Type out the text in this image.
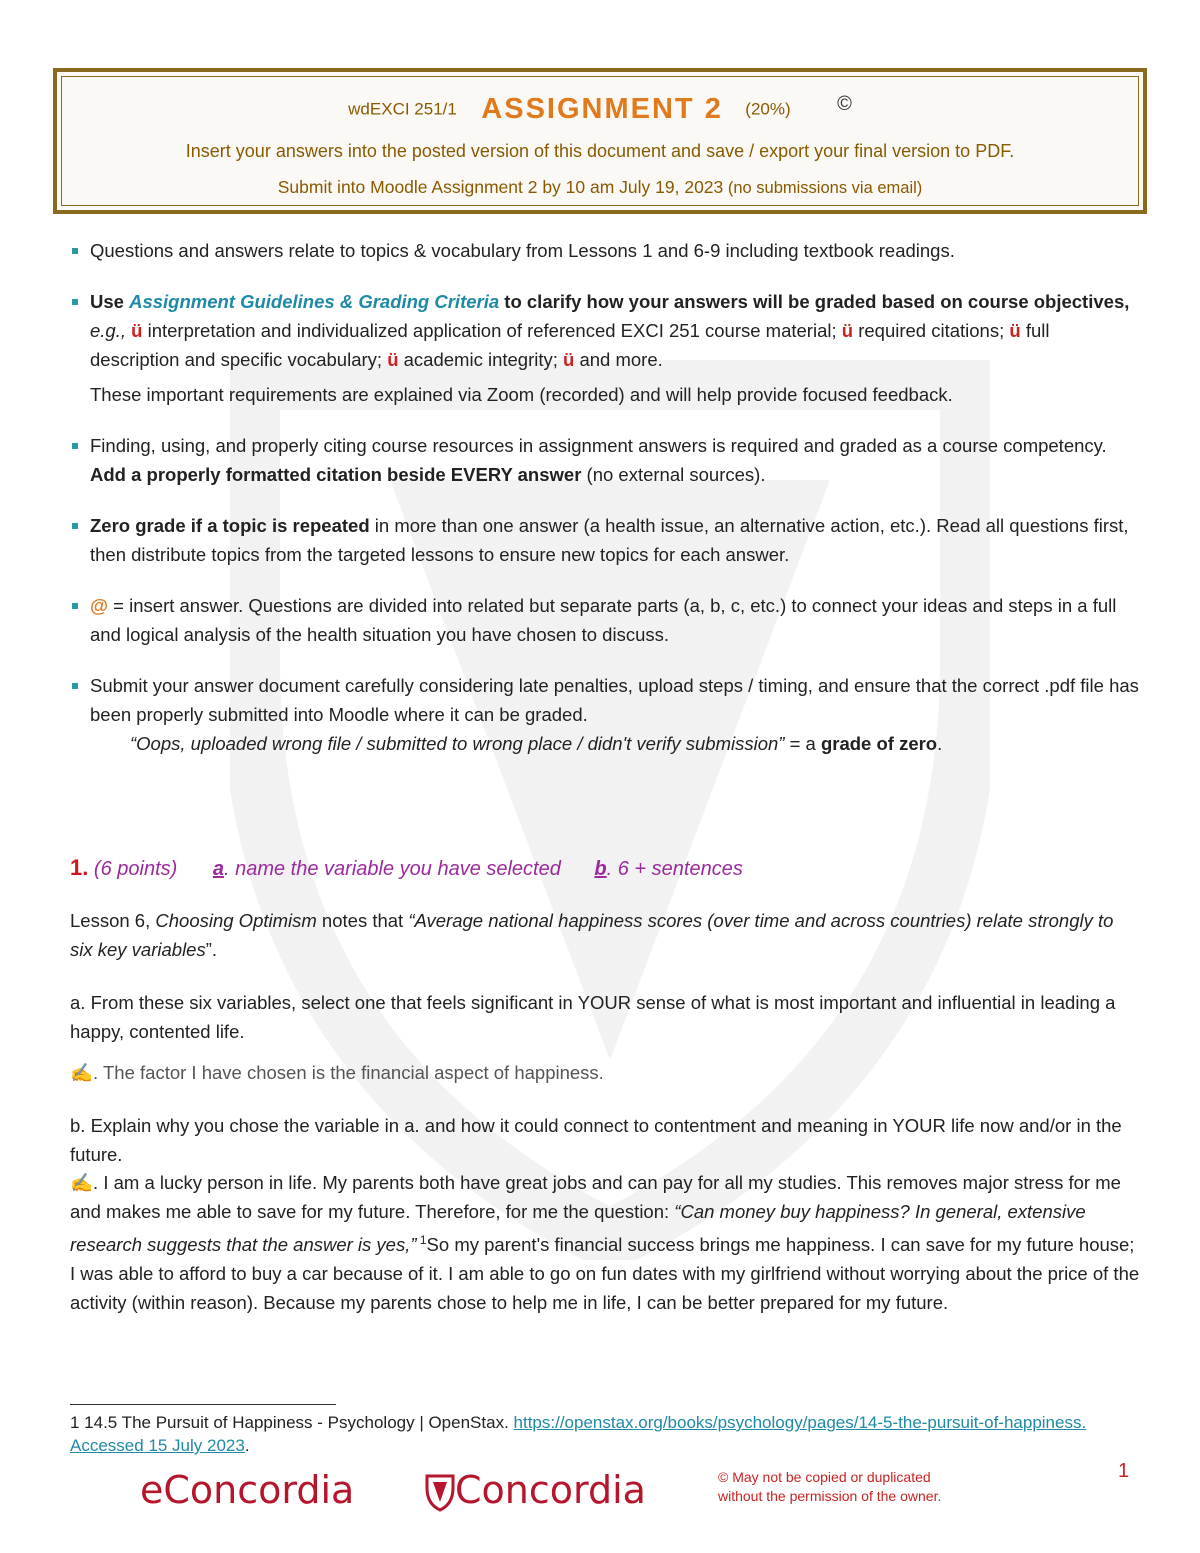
wdEXCI 251/1 ASSIGNMENT 2 (20%) ©
Insert your answers into the posted version of this document and save / export your final version to PDF.
Submit into Moodle Assignment 2 by 10 am July 19, 2023 (no submissions via email)
Questions and answers relate to topics & vocabulary from Lessons 1 and 6-9 including textbook readings.
Use Assignment Guidelines & Grading Criteria to clarify how your answers will be graded based on course objectives, e.g., ü interpretation and individualized application of referenced EXCI 251 course material; ü required citations; ü full description and specific vocabulary; ü academic integrity; ü and more.
These important requirements are explained via Zoom (recorded) and will help provide focused feedback.
Finding, using, and properly citing course resources in assignment answers is required and graded as a course competency. Add a properly formatted citation beside EVERY answer (no external sources).
Zero grade if a topic is repeated in more than one answer (a health issue, an alternative action, etc.). Read all questions first, then distribute topics from the targeted lessons to ensure new topics for each answer.
@ = insert answer. Questions are divided into related but separate parts (a, b, c, etc.) to connect your ideas and steps in a full and logical analysis of the health situation you have chosen to discuss.
Submit your answer document carefully considering late penalties, upload steps / timing, and ensure that the correct .pdf file has been properly submitted into Moodle where it can be graded.
“Oops, uploaded wrong file / submitted to wrong place / didn't verify submission” = a grade of zero.
1. (6 points) a. name the variable you have selected b. 6 + sentences
Lesson 6, Choosing Optimism notes that “Average national happiness scores (over time and across countries) relate strongly to six key variables”.
a. From these six variables, select one that feels significant in YOUR sense of what is most important and influential in leading a happy, contented life.
✍. The factor I have chosen is the financial aspect of happiness.
b. Explain why you chose the variable in a. and how it could connect to contentment and meaning in YOUR life now and/or in the future.
✍. I am a lucky person in life. My parents both have great jobs and can pay for all my studies. This removes major stress for me and makes me able to save for my future. Therefore, for me the question: “Can money buy happiness? In general, extensive research suggests that the answer is yes,” $^1$So my parent's financial success brings me happiness. I can save for my future house; I was able to afford to buy a car because of it. I am able to go on fun dates with my girlfriend without worrying about the price of the activity (within reason). Because my parents chose to help me in life, I can be better prepared for my future.
1 14.5 The Pursuit of Happiness - Psychology | OpenStax. https://openstax.org/books/psychology/pages/14-5-the-pursuit-of-happiness. Accessed 15 July 2023.
eConcordia	Concordia	© May not be copied or duplicated
without the permission of the owner.
1
